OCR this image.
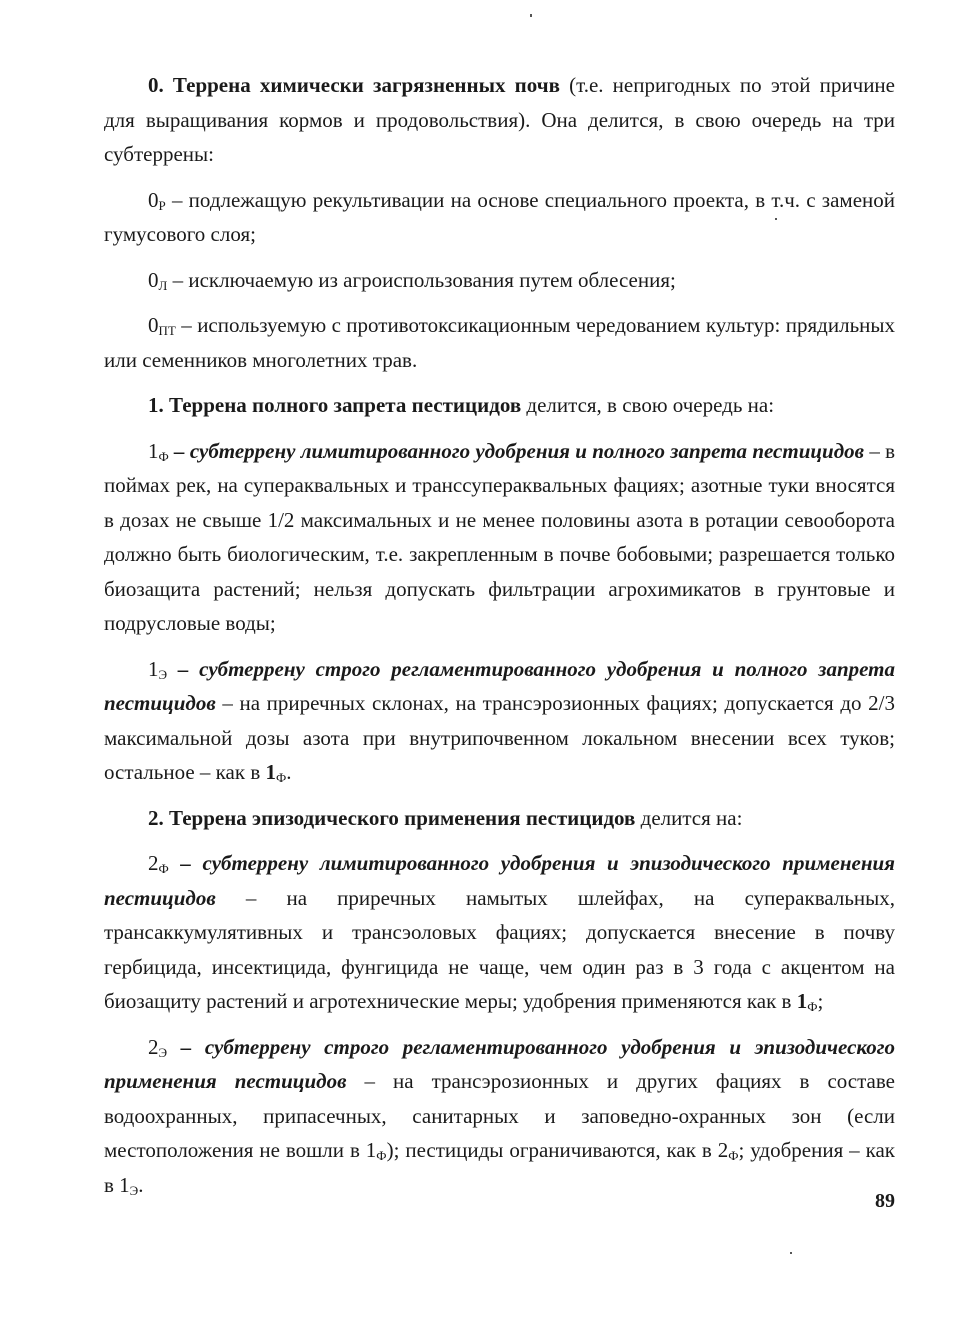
0. Террена химически загрязненных почв (т.е. непригодных по этой причине для выращивания кормов и продовольствия). Она делится, в свою очередь на три субтеррены:

$0_Р$ – подлежащую рекультивации на основе специального проекта, в т.ч. с заменой гумусового слоя;

$0_Л$ – исключаемую из агроиспользования путем облесения;

$0_{ПТ}$ – используемую с противотоксикационным чередованием культур: прядильных или семенников многолетних трав.

1. Террена полного запрета пестицидов делится, в свою очередь на:

$1_Ф$ – субтеррену лимитированного удобрения и полного запрета пестицидов – в поймах рек, на супераквальных и транссупераквальных фациях; азотные туки вносятся в дозах не свыше 1/2 максимальных и не менее половины азота в ротации севооборота должно быть биологическим, т.е. закрепленным в почве бобовыми; разрешается только биозащита растений; нельзя допускать фильтрации агрохимикатов в грунтовые и подрусловые воды;

$1_Э$ – субтеррену строго регламентированного удобрения и полного запрета пестицидов – на приречных склонах, на трансэрозионных фациях; допускается до 2/3 максимальной дозы азота при внутрипочвенном локальном внесении всех туков; остальное – как в $1_Ф$.

2. Террена эпизодического применения пестицидов делится на:

$2_Ф$ – субтеррену лимитированного удобрения и эпизодического применения пестицидов – на приречных намытых шлейфах, на супераквальных, трансаккумулятивных и трансэоловых фациях; допускается внесение в почву гербицида, инсектицида, фунгицида не чаще, чем один раз в 3 года с акцентом на биозащиту растений и агротехнические меры; удобрения применяются как в $1_Ф$;

$2_Э$ – субтеррену строго регламентированного удобрения и эпизодического применения пестицидов – на трансэрозионных и других фациях в составе водоохранных, припасечных, санитарных и заповедно-охранных зон (если местоположения не вошли в $1_Ф$); пестициды ограничиваются, как в $2_Ф$; удобрения – как в $1_Э$.

89
